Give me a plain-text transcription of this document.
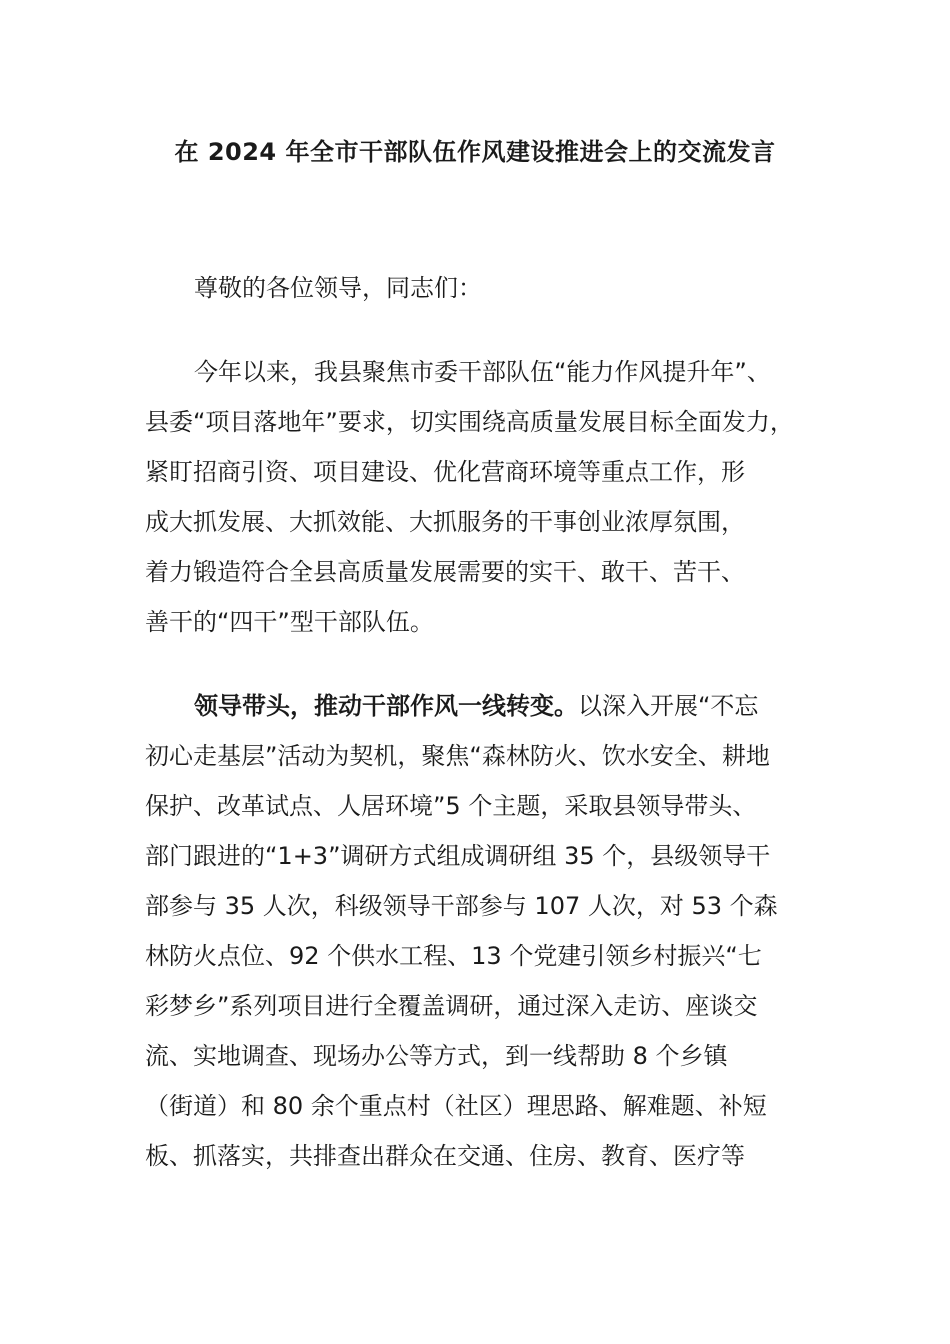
在 2024 年全市干部队伍作风建设推进会上的交流发言

尊敬的各位领导，同志们：

今年以来，我县聚焦市委干部队伍“能力作风提升年”、

县委“项目落地年”要求，切实围绕高质量发展目标全面发力，

紧盯招商引资、项目建设、优化营商环境等重点工作，形

成大抓发展、大抓效能、大抓服务的干事创业浓厚氛围，

着力锻造符合全县高质量发展需要的实干、敢干、苦干、

善干的“四干”型干部队伍。

领导带头，推动干部作风一线转变。以深入开展“不忘

初心走基层”活动为契机，聚焦“森林防火、饮水安全、耕地

保护、改革试点、人居环境”5 个主题，采取县领导带头、

部门跟进的“1+3”调研方式组成调研组 35 个，县级领导干

部参与 35 人次，科级领导干部参与 107 人次，对 53 个森

林防火点位、92 个供水工程、13 个党建引领乡村振兴“七

彩梦乡”系列项目进行全覆盖调研，通过深入走访、座谈交

流、实地调查、现场办公等方式，到一线帮助 8 个乡镇

（街道）和 80 余个重点村（社区）理思路、解难题、补短

板、抓落实，共排查出群众在交通、住房、教育、医疗等
